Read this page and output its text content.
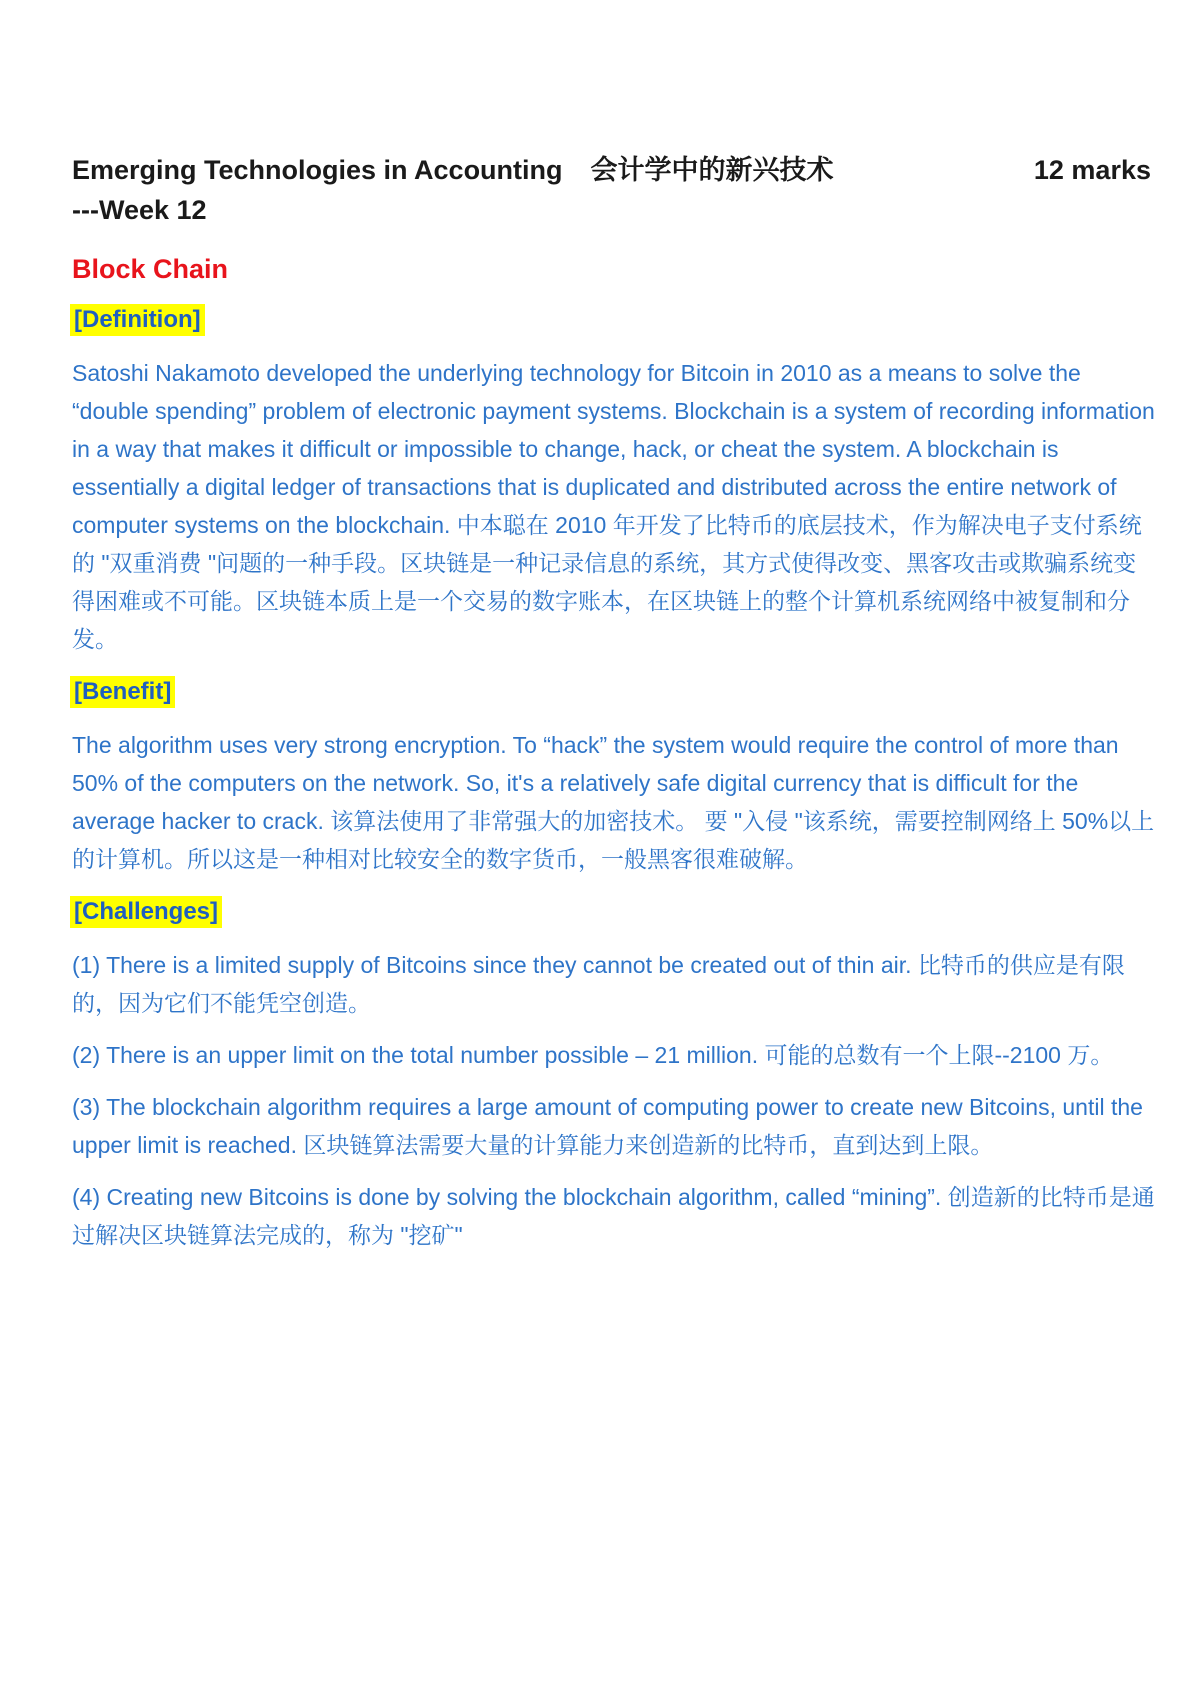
Emerging Technologies in Accounting 会计学中的新兴技术	12 marks
---Week 12
Block Chain
[Definition]

Satoshi Nakamoto developed the underlying technology for Bitcoin in 2010 as a means to solve the “double spending” problem of electronic payment systems. Blockchain is a system of recording information in a way that makes it difficult or impossible to change, hack, or cheat the system. A blockchain is essentially a digital ledger of transactions that is duplicated and distributed across the entire network of computer systems on the blockchain. 中本聪在 2010 年开发了比特币的底层技术，作为解决电子支付系统的 "双重消费 "问题的一种手段。区块链是一种记录信息的系统，其方式使得改变、黑客攻击或欺骗系统变得困难或不可能。区块链本质上是一个交易的数字账本，在区块链上的整个计算机系统网络中被复制和分发。

[Benefit]

The algorithm uses very strong encryption. To “hack” the system would require the control of more than 50% of the computers on the network. So, it's a relatively safe digital currency that is difficult for the average hacker to crack. 该算法使用了非常强大的加密技术。 要 "入侵 "该系统，需要控制网络上 50%以上的计算机。所以这是一种相对比较安全的数字货币，一般黑客很难破解。

[Challenges]

(1) There is a limited supply of Bitcoins since they cannot be created out of thin air. 比特币的供应是有限的，因为它们不能凭空创造。

(2) There is an upper limit on the total number possible – 21 million. 可能的总数有一个上限--2100 万。

(3) The blockchain algorithm requires a large amount of computing power to create new Bitcoins, until the upper limit is reached. 区块链算法需要大量的计算能力来创造新的比特币，直到达到上限。

(4) Creating new Bitcoins is done by solving the blockchain algorithm, called “mining”. 创造新的比特币是通过解决区块链算法完成的，称为 "挖矿"
